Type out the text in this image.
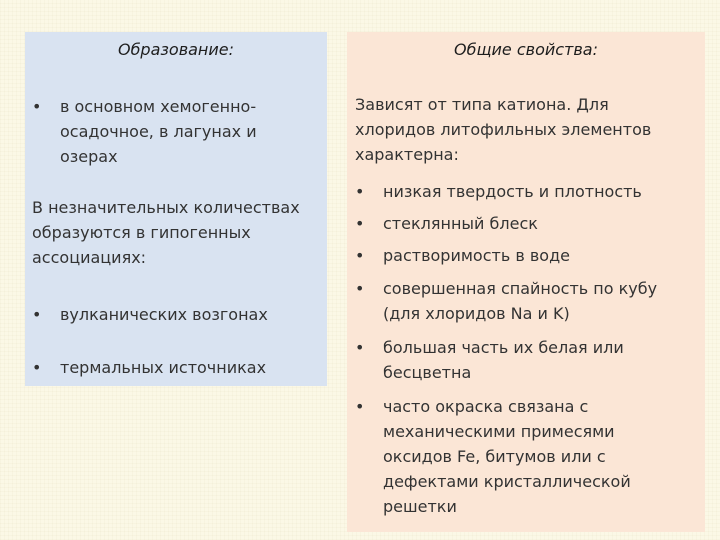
Образование:
•	в основном хемогенно-осадочное, в лагунах и озерах

В незначительных количествах образуются в гипогенных ассоциациях:

•	вулканических возгонах
•	термальных источниках
Общие свойства:

Зависят от типа катиона. Для хлоридов литофильных элементов характерна:

•	низкая твердость и плотность
•	стеклянный блеск
•	растворимость в воде
•	совершенная спайность по кубу (для хлоридов Na и K)
•	большая часть их белая или бесцветна
•	часто окраска связана с механическими примесями оксидов Fe, битумов или с дефектами кристаллической решетки
